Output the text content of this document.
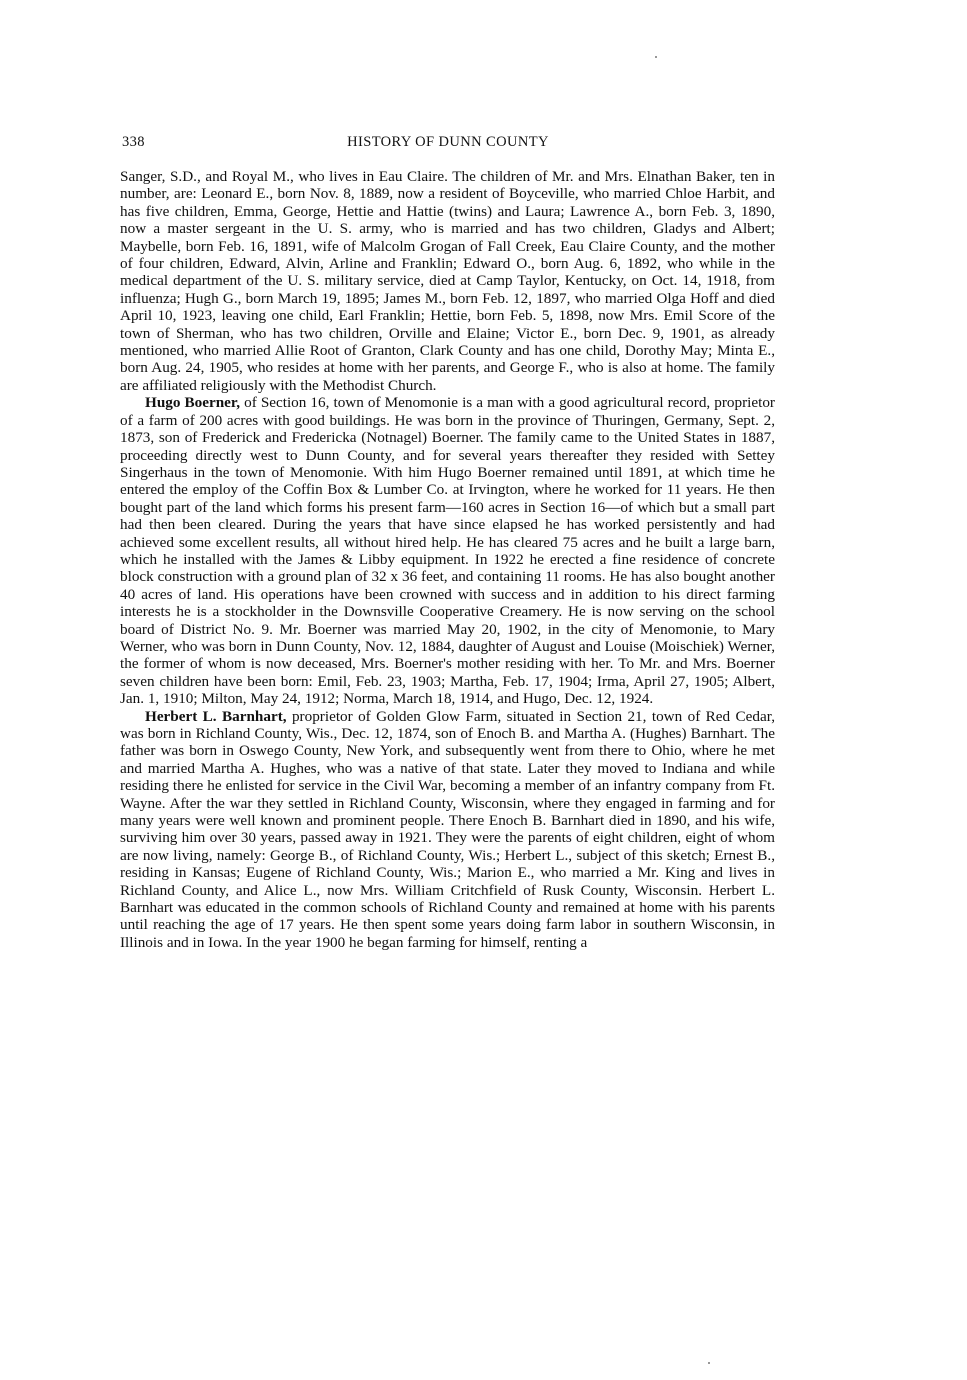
338	HISTORY OF DUNN COUNTY

Sanger, S.D., and Royal M., who lives in Eau Claire. The children of Mr. and Mrs. Elnathan Baker, ten in number, are: Leonard E., born Nov. 8, 1889, now a resident of Boyceville, who married Chloe Harbit, and has five children, Emma, George, Hettie and Hattie (twins) and Laura; Lawrence A., born Feb. 3, 1890, now a master sergeant in the U. S. army, who is married and has two children, Gladys and Albert; Maybelle, born Feb. 16, 1891, wife of Malcolm Grogan of Fall Creek, Eau Claire County, and the mother of four children, Edward, Alvin, Arline and Franklin; Edward O., born Aug. 6, 1892, who while in the medical department of the U. S. military service, died at Camp Taylor, Kentucky, on Oct. 14, 1918, from influenza; Hugh G., born March 19, 1895; James M., born Feb. 12, 1897, who married Olga Hoff and died April 10, 1923, leaving one child, Earl Franklin; Hettie, born Feb. 5, 1898, now Mrs. Emil Score of the town of Sherman, who has two children, Orville and Elaine; Victor E., born Dec. 9, 1901, as already mentioned, who married Allie Root of Granton, Clark County and has one child, Dorothy May; Minta E., born Aug. 24, 1905, who resides at home with her parents, and George F., who is also at home. The family are affiliated religiously with the Methodist Church.

Hugo Boerner, of Section 16, town of Menomonie is a man with a good agricultural record, proprietor of a farm of 200 acres with good buildings. He was born in the province of Thuringen, Germany, Sept. 2, 1873, son of Frederick and Fredericka (Notnagel) Boerner. The family came to the United States in 1887, proceeding directly west to Dunn County, and for several years thereafter they resided with Settey Singerhaus in the town of Menomonie. With him Hugo Boerner remained until 1891, at which time he entered the employ of the Coffin Box & Lumber Co. at Irvington, where he worked for 11 years. He then bought part of the land which forms his present farm—160 acres in Section 16—of which but a small part had then been cleared. During the years that have since elapsed he has worked persistently and had achieved some excellent results, all without hired help. He has cleared 75 acres and he built a large barn, which he installed with the James & Libby equipment. In 1922 he erected a fine residence of concrete block construction with a ground plan of 32 x 36 feet, and containing 11 rooms. He has also bought another 40 acres of land. His operations have been crowned with success and in addition to his direct farming interests he is a stockholder in the Downsville Cooperative Creamery. He is now serving on the school board of District No. 9. Mr. Boerner was married May 20, 1902, in the city of Menomonie, to Mary Werner, who was born in Dunn County, Nov. 12, 1884, daughter of August and Louise (Moischiek) Werner, the former of whom is now deceased, Mrs. Boerner's mother residing with her. To Mr. and Mrs. Boerner seven children have been born: Emil, Feb. 23, 1903; Martha, Feb. 17, 1904; Irma, April 27, 1905; Albert, Jan. 1, 1910; Milton, May 24, 1912; Norma, March 18, 1914, and Hugo, Dec. 12, 1924.

Herbert L. Barnhart, proprietor of Golden Glow Farm, situated in Section 21, town of Red Cedar, was born in Richland County, Wis., Dec. 12, 1874, son of Enoch B. and Martha A. (Hughes) Barnhart. The father was born in Oswego County, New York, and subsequently went from there to Ohio, where he met and married Martha A. Hughes, who was a native of that state. Later they moved to Indiana and while residing there he enlisted for service in the Civil War, becoming a member of an infantry company from Ft. Wayne. After the war they settled in Richland County, Wisconsin, where they engaged in farming and for many years were well known and prominent people. There Enoch B. Barnhart died in 1890, and his wife, surviving him over 30 years, passed away in 1921. They were the parents of eight children, eight of whom are now living, namely: George B., of Richland County, Wis.; Herbert L., subject of this sketch; Ernest B., residing in Kansas; Eugene of Richland County, Wis.; Marion E., who married a Mr. King and lives in Richland County, and Alice L., now Mrs. William Critchfield of Rusk County, Wisconsin. Herbert L. Barnhart was educated in the common schools of Richland County and remained at home with his parents until reaching the age of 17 years. He then spent some years doing farm labor in southern Wisconsin, in Illinois and in Iowa. In the year 1900 he began farming for himself, renting a
